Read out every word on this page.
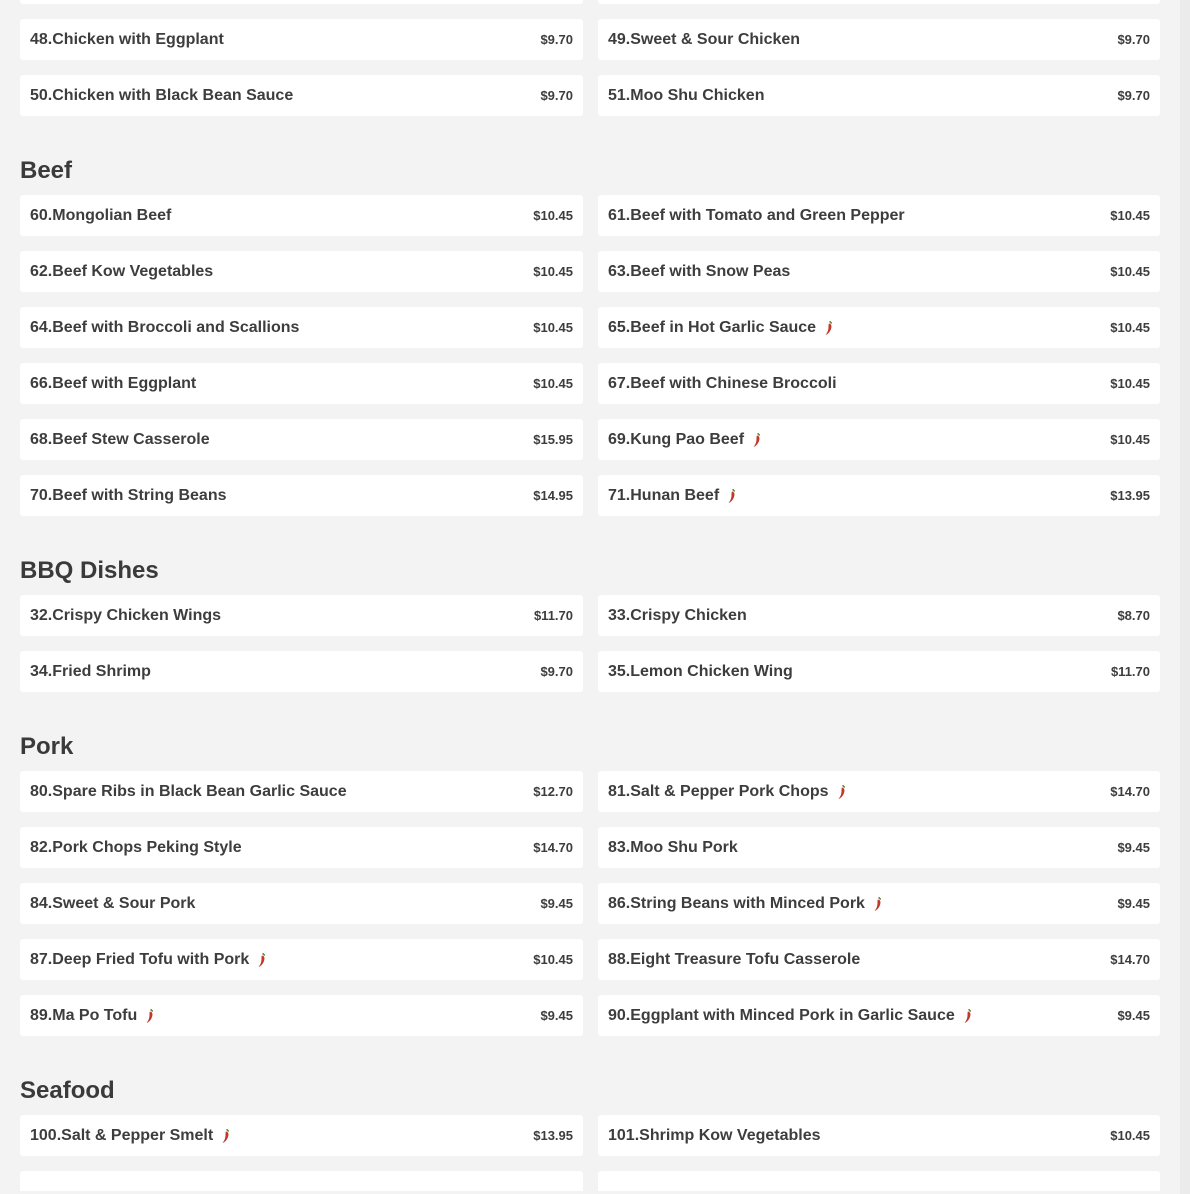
48.Chicken with Eggplant	$9.70 49.Sweet & Sour Chicken	$9.70
50.Chicken with Black Bean Sauce	$9.70 51.Moo Shu Chicken	$9.70
Beef
60.Mongolian Beef	$10.45 61.Beef with Tomato and Green Pepper	$10.45
62.Beef Kow Vegetables	$10.45 63.Beef with Snow Peas	$10.45
64.Beef with Broccoli and Scallions	$10.45 65.Beef in Hot Garlic Sauce	$10.45
66.Beef with Eggplant	$10.45 67.Beef with Chinese Broccoli	$10.45
68.Beef Stew Casserole	$15.95 69.Kung Pao Beef	$10.45
70.Beef with String Beans	$14.95 71.Hunan Beef	$13.95
BBQ Dishes
32.Crispy Chicken Wings	$11.70 33.Crispy Chicken	$8.70
34.Fried Shrimp	$9.70 35.Lemon Chicken Wing	$11.70
Pork
80.Spare Ribs in Black Bean Garlic Sauce	$12.70 81.Salt & Pepper Pork Chops	$14.70
82.Pork Chops Peking Style	$14.70 83.Moo Shu Pork	$9.45
84.Sweet & Sour Pork	$9.45 86.String Beans with Minced Pork	$9.45
87.Deep Fried Tofu with Pork	$10.45 88.Eight Treasure Tofu Casserole	$14.70
89.Ma Po Tofu	$9.45 90.Eggplant with Minced Pork in Garlic Sauce	$9.45
Seafood
100.Salt & Pepper Smelt	$13.95 101.Shrimp Kow Vegetables	$10.45
